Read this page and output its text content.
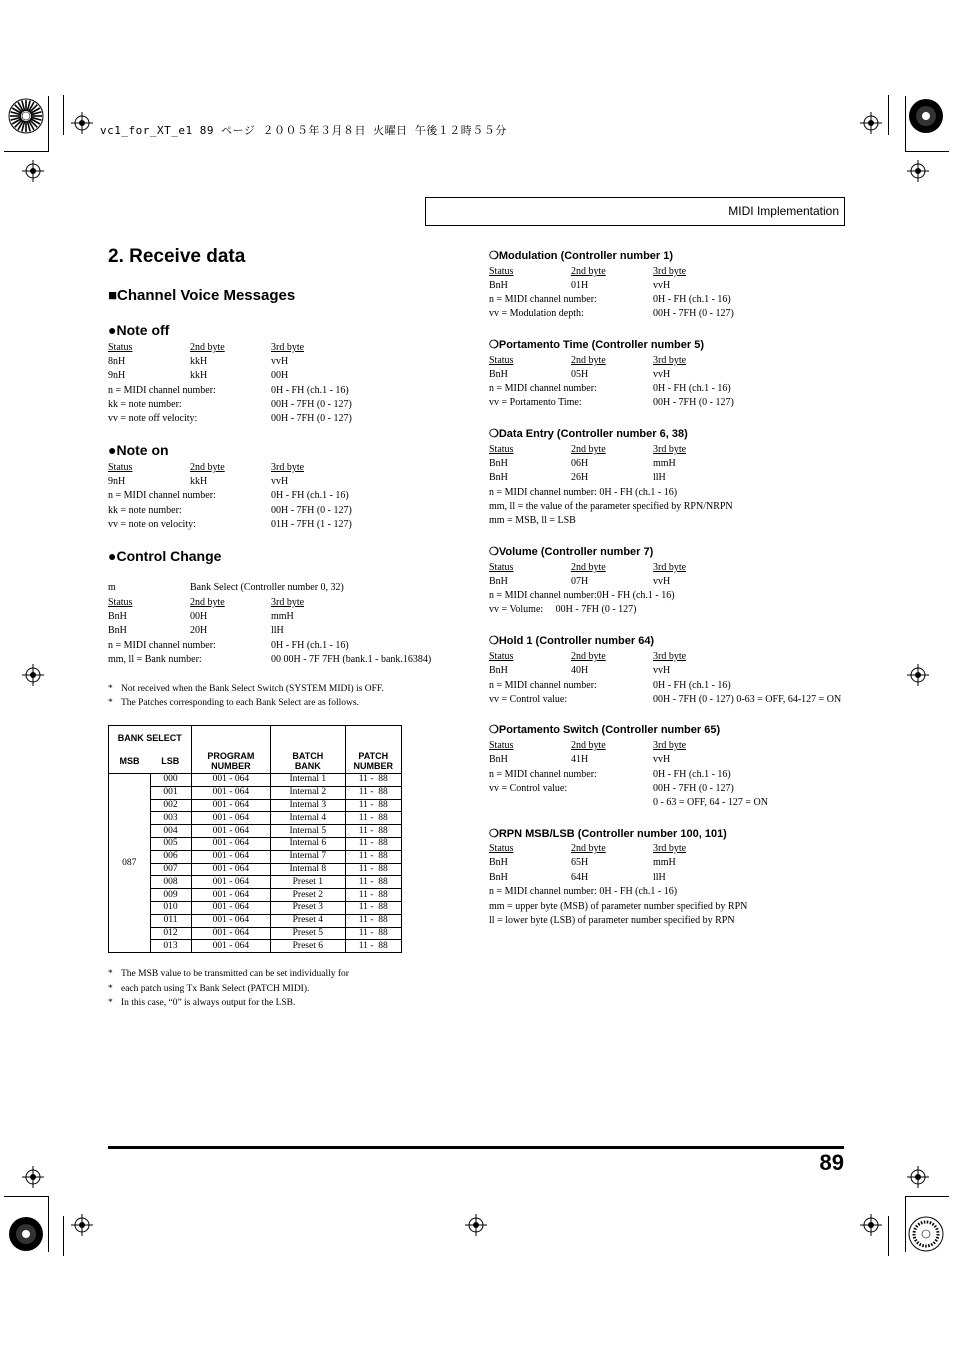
vc1_for_XT_e1 89 ページ ２００５年３月８日 火曜日 午後１２時５５分
MIDI Implementation
2. Receive data
■Channel Voice Messages
●Note off
Status	2nd byte	3rd byte
8nH	kkH	vvH
9nH	kkH	00H
n = MIDI channel number:	0H - FH (ch.1 - 16)
kk = note number:	00H - 7FH (0 - 127)
vv = note off velocity:	00H - 7FH (0 - 127)
●Note on
Status	2nd byte	3rd byte
9nH	kkH	vvH
n = MIDI channel number:	0H - FH (ch.1 - 16)
kk = note number:	00H - 7FH (0 - 127)
vv = note on velocity:	01H - 7FH (1 - 127)
●Control Change
m	Bank Select (Controller number 0, 32)
Status	2nd byte	3rd byte
BnH	00H	mmH
BnH	20H	llH
n = MIDI channel number:	0H - FH (ch.1 - 16)
mm, ll = Bank number:	00 00H - 7F 7FH (bank.1 - bank.16384)
* Not received when the Bank Select Switch (SYSTEM MIDI) is OFF.
* The Patches corresponding to each Bank Select are as follows.
BANK SELECT		PROGRAM NUMBER	BATCH BANK	PATCH NUMBER
MSB	LSB			
087	000	001 - 064	Internal 1	11 -  88
	001	001 - 064	Internal 2	11 -  88
	002	001 - 064	Internal 3	11 -  88
	003	001 - 064	Internal 4	11 -  88
	004	001 - 064	Internal 5	11 -  88
	005	001 - 064	Internal 6	11 -  88
	006	001 - 064	Internal 7	11 -  88
	007	001 - 064	Internal 8	11 -  88
	008	001 - 064	Preset 1	11 -  88
	009	001 - 064	Preset 2	11 -  88
	010	001 - 064	Preset 3	11 -  88
	011	001 - 064	Preset 4	11 -  88
	012	001 - 064	Preset 5	11 -  88
	013	001 - 064	Preset 6	11 -  88
* The MSB value to be transmitted can be set individually for
* each patch using Tx Bank Select (PATCH MIDI).
* In this case, “0” is always output for the LSB.
❍Modulation (Controller number 1)
Status	2nd byte	3rd byte
BnH	01H	vvH
n = MIDI channel number:	0H - FH (ch.1 - 16)
vv = Modulation depth:	00H - 7FH (0 - 127)
❍Portamento Time (Controller number 5)
Status	2nd byte	3rd byte
BnH	05H	vvH
n = MIDI channel number:	0H - FH (ch.1 - 16)
vv = Portamento Time:	00H - 7FH (0 - 127)
❍Data Entry (Controller number 6, 38)
Status	2nd byte	3rd byte
BnH	06H	mmH
BnH	26H	llH
n = MIDI channel number: 0H - FH (ch.1 - 16)
mm, ll = the value of the parameter specified by RPN/NRPN
mm = MSB, ll = LSB
❍Volume (Controller number 7)
Status	2nd byte	3rd byte
BnH	07H	vvH
n = MIDI channel number:0H - FH (ch.1 - 16)
vv = Volume:     00H - 7FH (0 - 127)
❍Hold 1 (Controller number 64)
Status	2nd byte	3rd byte
BnH	40H	vvH
n = MIDI channel number:	0H - FH (ch.1 - 16)
vv = Control value:	00H - 7FH (0 - 127) 0-63 = OFF, 64-127 = ON
❍Portamento Switch (Controller number 65)
Status	2nd byte	3rd byte
BnH	41H	vvH
n = MIDI channel number:	0H - FH (ch.1 - 16)
vv = Control value:	00H - 7FH (0 - 127)
0 - 63 = OFF, 64 - 127 = ON
❍RPN MSB/LSB (Controller number 100, 101)
Status	2nd byte	3rd byte
BnH	65H	mmH
BnH	64H	llH
n = MIDI channel number: 0H - FH (ch.1 - 16)
mm = upper byte (MSB) of parameter number specified by RPN
ll = lower byte (LSB) of parameter number specified by RPN
89
